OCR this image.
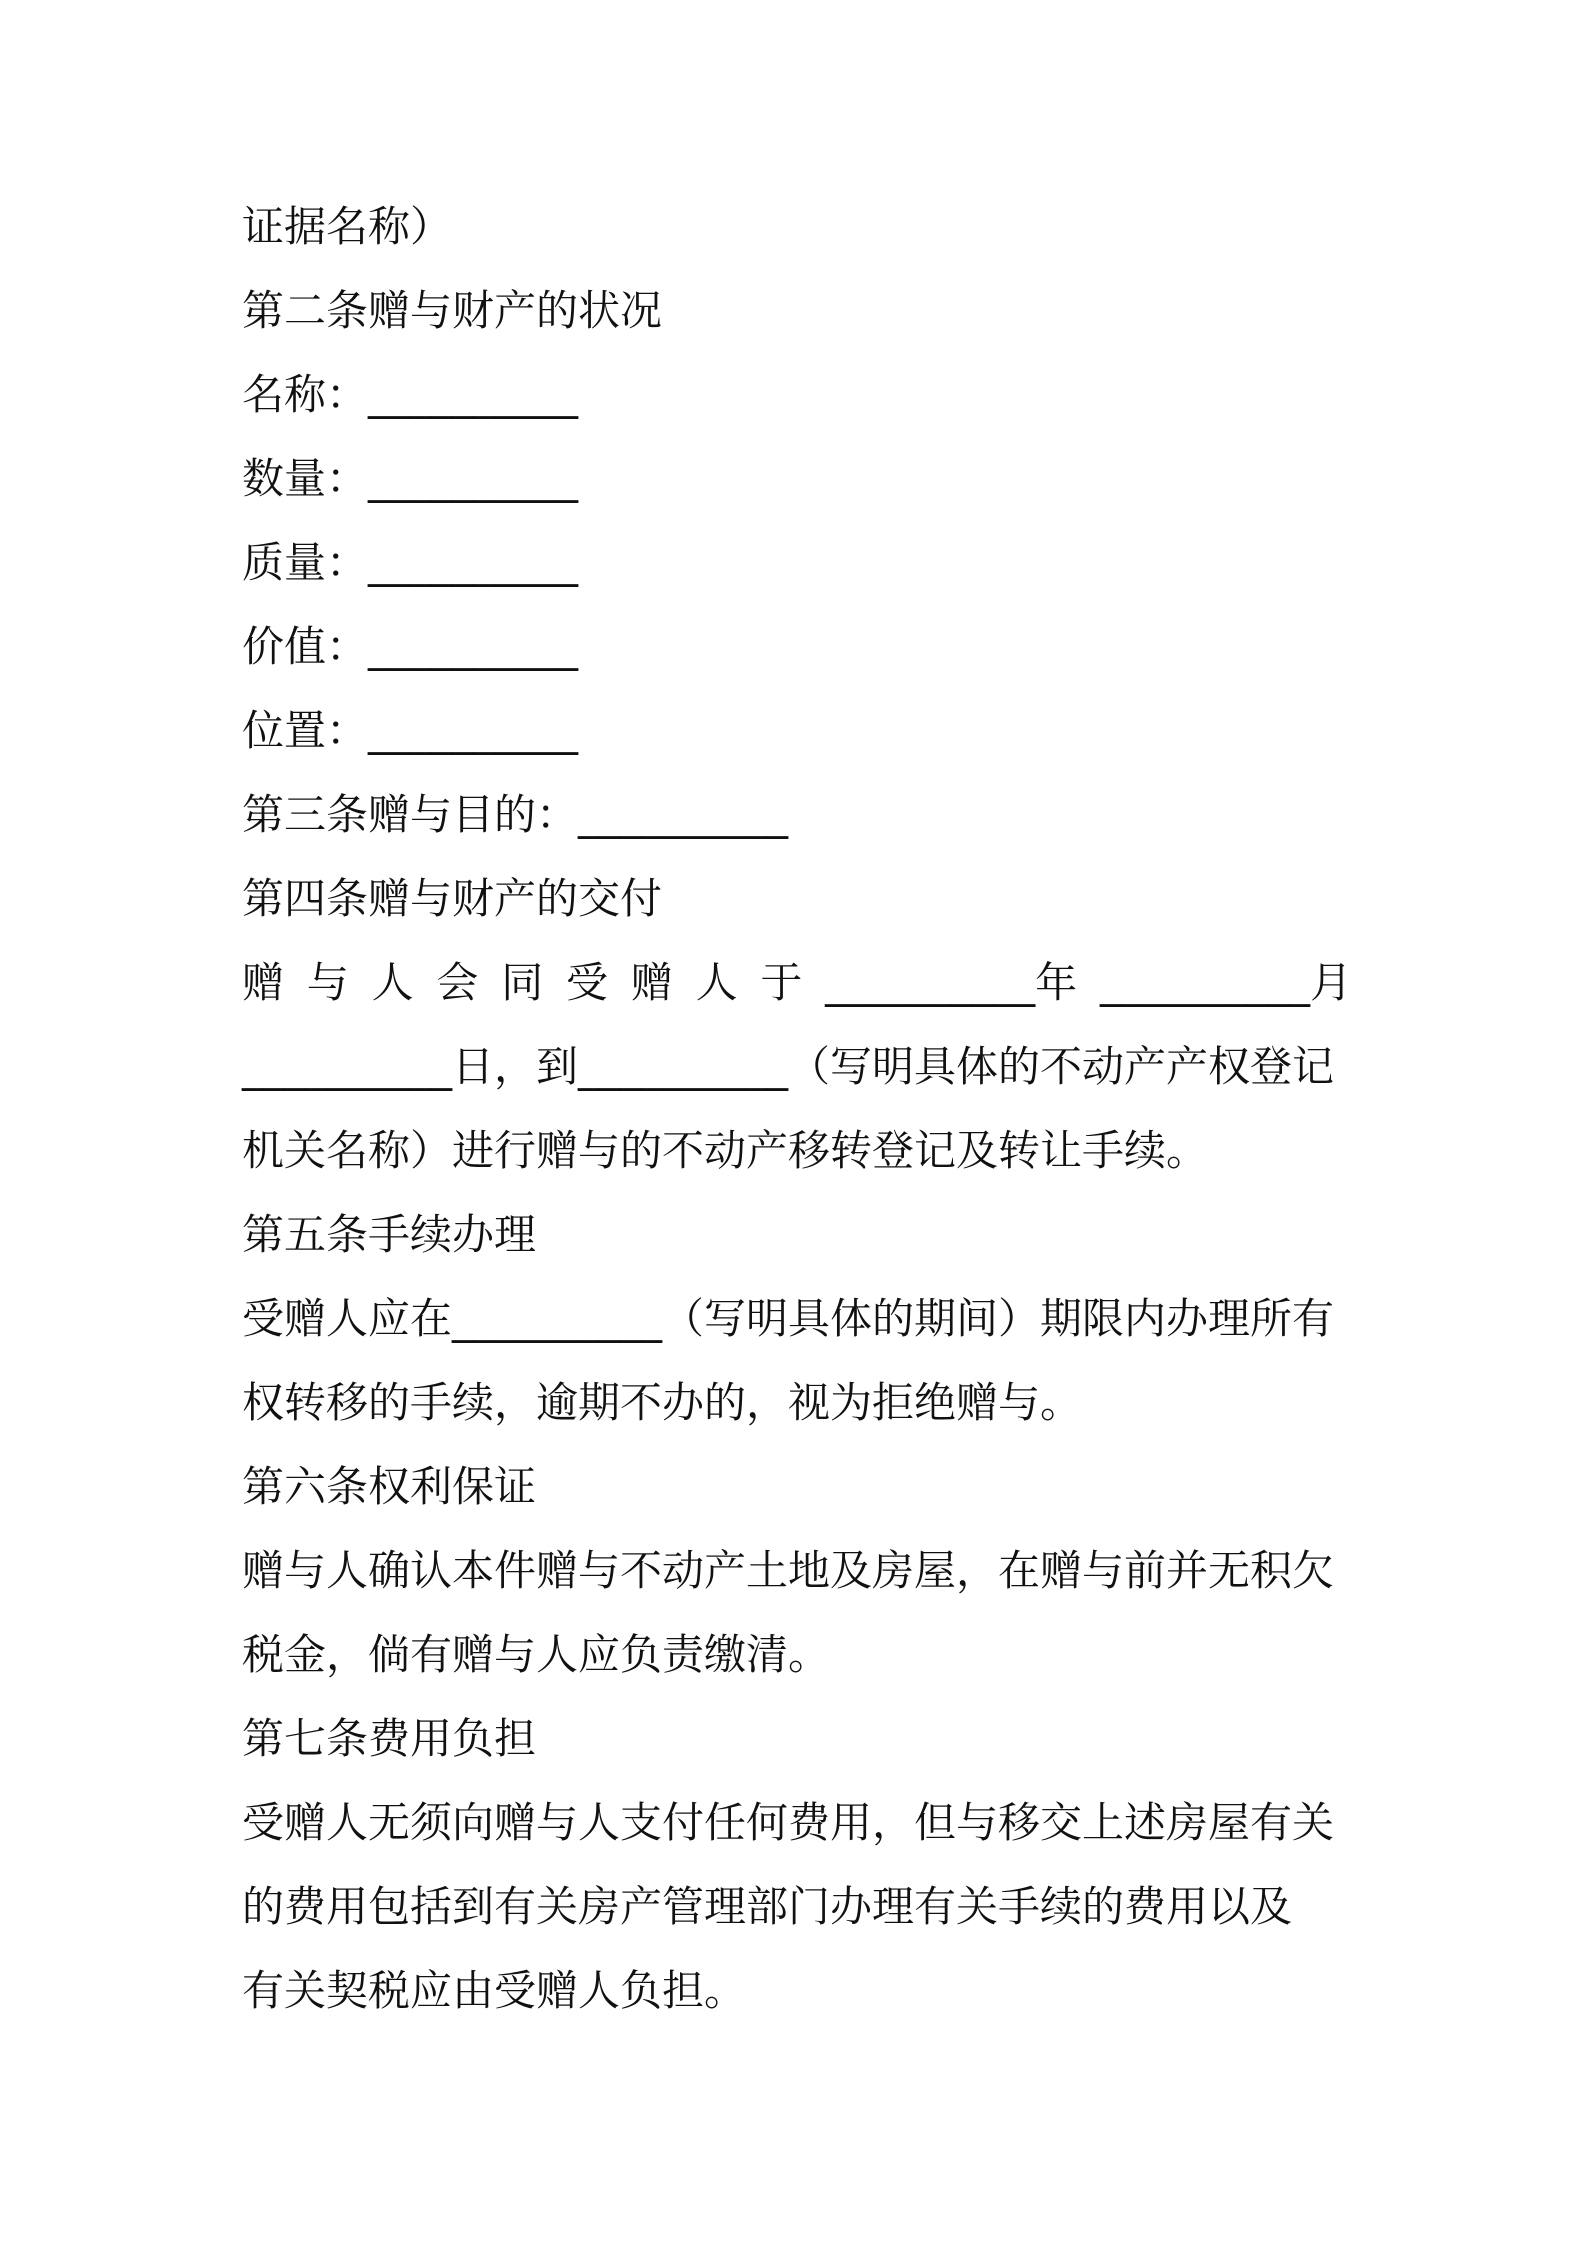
证据名称）
第二条赠与财产的状况
名称：__________
数量：__________
质量：__________
价值：__________
位置：__________
第三条赠与目的：__________
第四条赠与财产的交付
赠 与 人 会 同 受 赠 人 于 __________年 __________月
__________日，到__________（写明具体的不动产产权登记
机关名称）进行赠与的不动产移转登记及转让手续。
第五条手续办理
受赠人应在__________（写明具体的期间）期限内办理所有
权转移的手续，逾期不办的，视为拒绝赠与。
第六条权利保证
赠与人确认本件赠与不动产土地及房屋，在赠与前并无积欠
税金，倘有赠与人应负责缴清。
第七条费用负担
受赠人无须向赠与人支付任何费用，但与移交上述房屋有关
的费用包括到有关房产管理部门办理有关手续的费用以及
有关契税应由受赠人负担。
